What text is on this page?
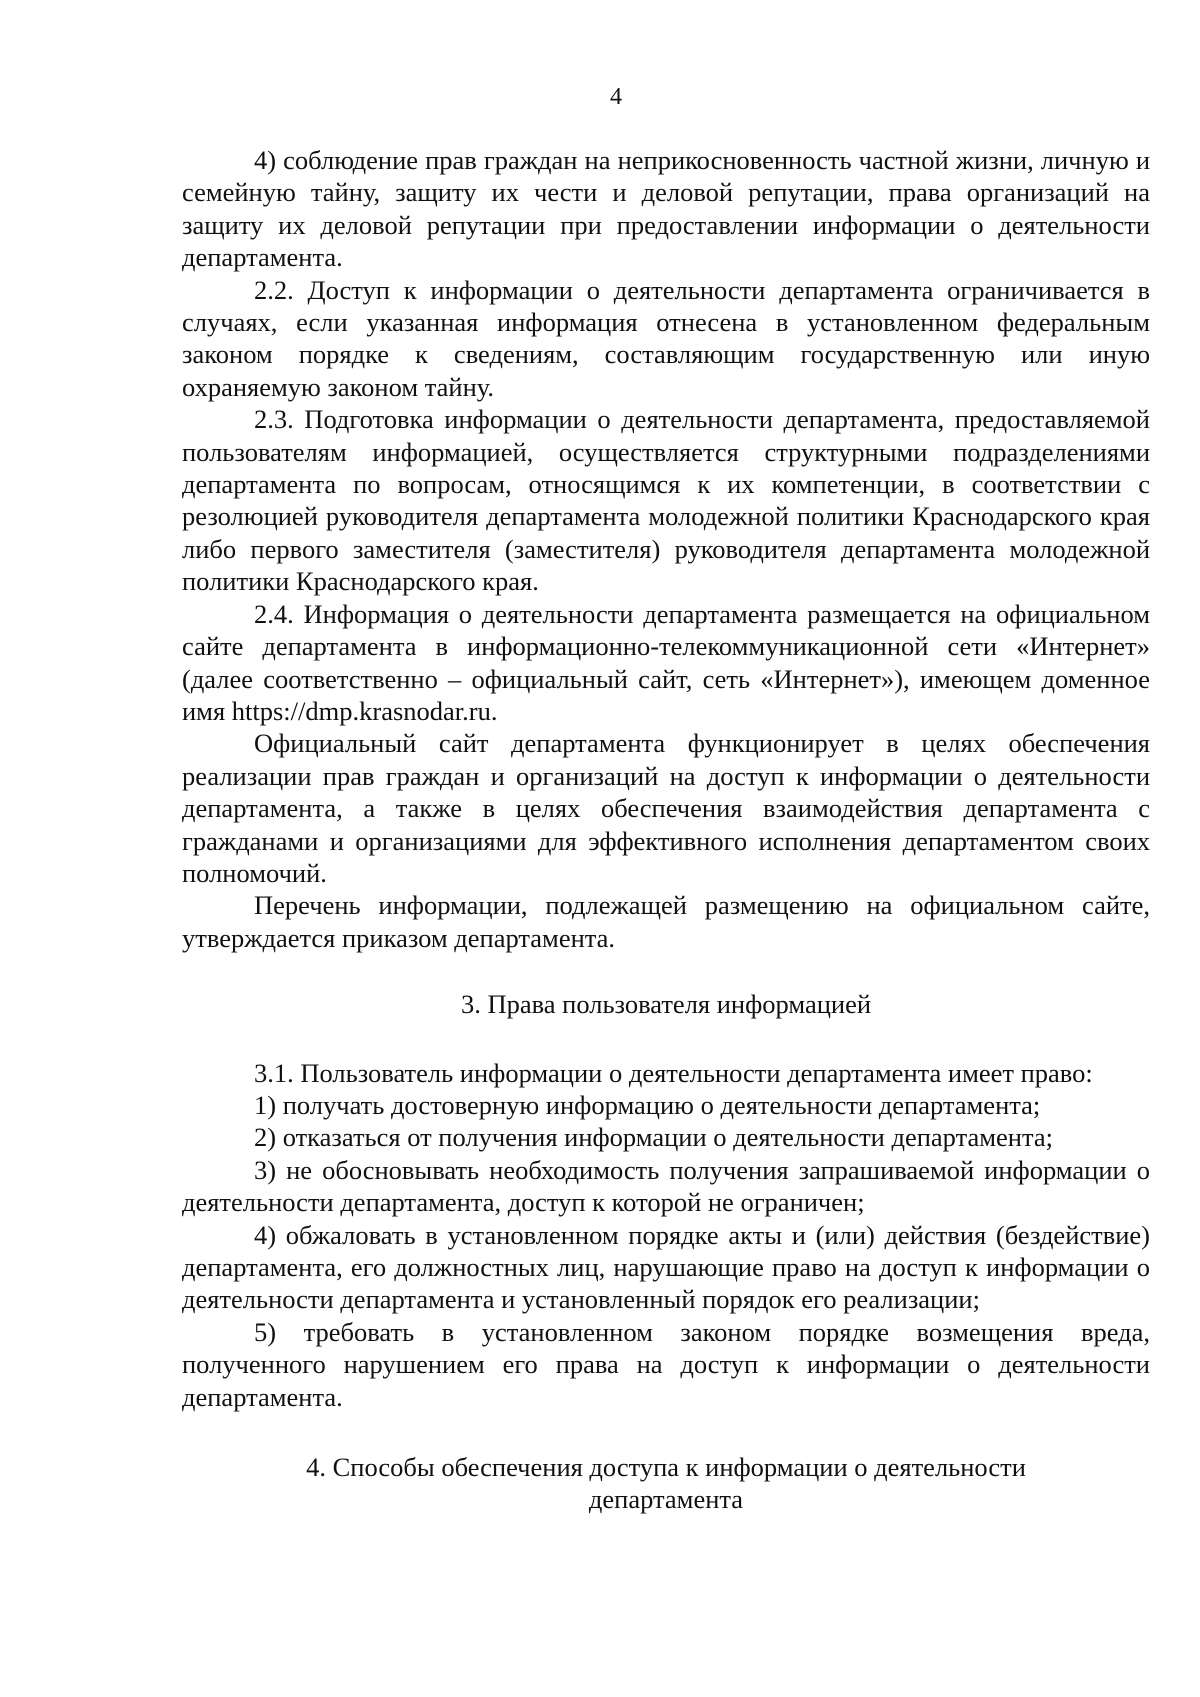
4

4) соблюдение прав граждан на неприкосновенность частной жизни, личную и семейную тайну, защиту их чести и деловой репутации, права организаций на защиту их деловой репутации при предоставлении информации о деятельности департамента.

2.2. Доступ к информации о деятельности департамента ограничивается в случаях, если указанная информация отнесена в установленном федеральным законом порядке к сведениям, составляющим государственную или иную охраняемую законом тайну.

2.3. Подготовка информации о деятельности департамента, предоставляемой пользователям информацией, осуществляется структурными подразделениями департамента по вопросам, относящимся к их компетенции, в соответствии с резолюцией руководителя департамента молодежной политики Краснодарского края либо первого заместителя (заместителя) руководителя департамента молодежной политики Краснодарского края.

2.4. Информация о деятельности департамента размещается на официальном сайте департамента в информационно-телекоммуникационной сети «Интернет» (далее соответственно – официальный сайт, сеть «Интернет»), имеющем доменное имя https://dmp.krasnodar.ru.

Официальный сайт департамента функционирует в целях обеспечения реализации прав граждан и организаций на доступ к информации о деятельности департамента, а также в целях обеспечения взаимодействия департамента с гражданами и организациями для эффективного исполнения департаментом своих полномочий.

Перечень информации, подлежащей размещению на официальном сайте, утверждается приказом департамента.

3. Права пользователя информацией

3.1. Пользователь информации о деятельности департамента имеет право:

1) получать достоверную информацию о деятельности департамента;

2) отказаться от получения информации о деятельности департамента;

3) не обосновывать необходимость получения запрашиваемой информации о деятельности департамента, доступ к которой не ограничен;

4) обжаловать в установленном порядке акты и (или) действия (бездействие) департамента, его должностных лиц, нарушающие право на доступ к информации о деятельности департамента и установленный порядок его реализации;

5) требовать в установленном законом порядке возмещения вреда, полученного нарушением его права на доступ к информации о деятельности департамента.

4. Способы обеспечения доступа к информации о деятельности департамента
